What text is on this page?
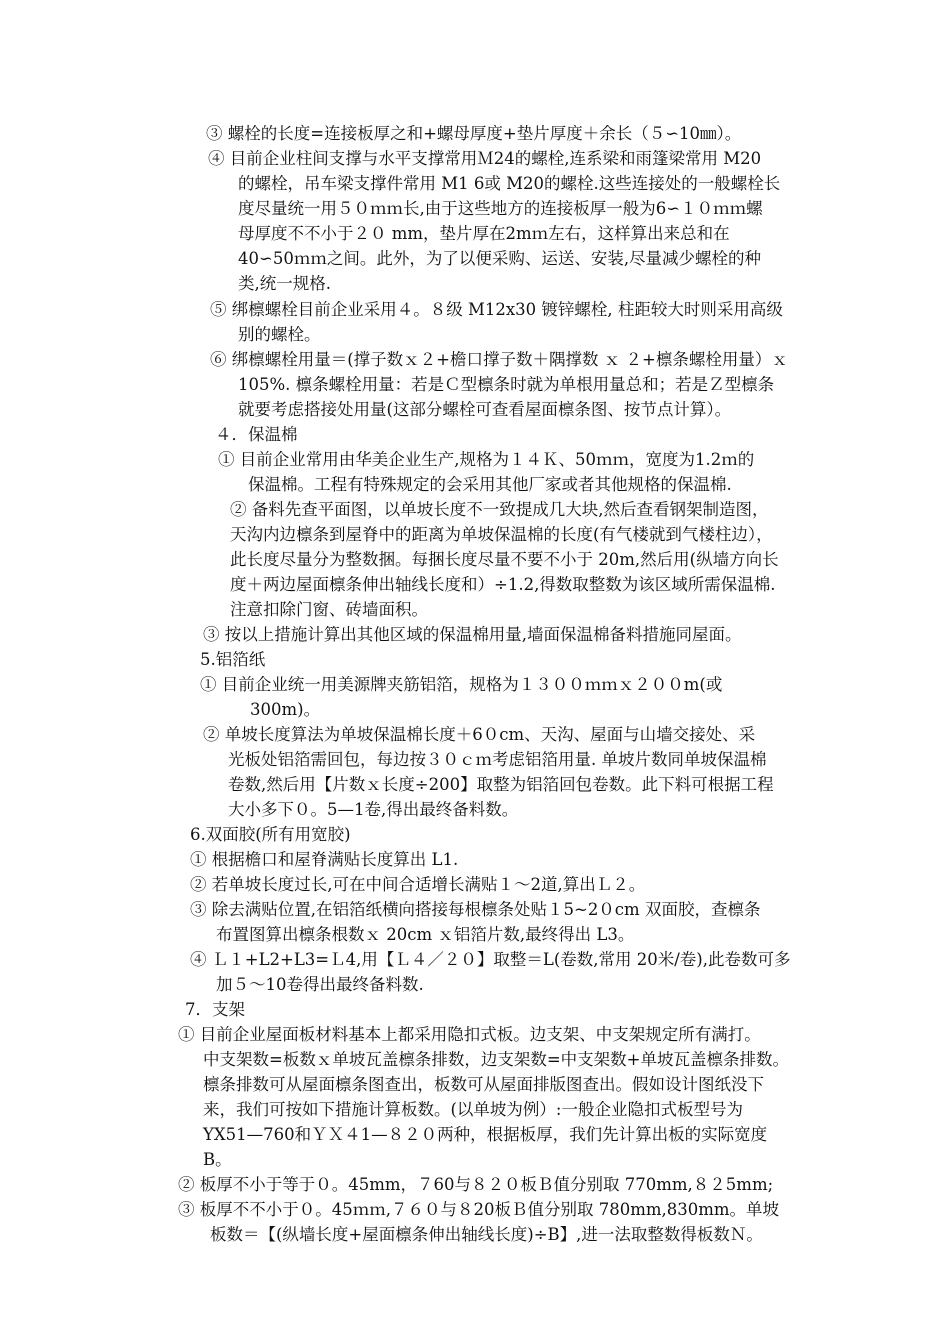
③ 螺栓的长度=连接板厚之和+螺母厚度+垫片厚度＋余长（５∽10㎜）。
④ 目前企业柱间支撑与水平支撑常用Ｍ24的螺栓,连系梁和雨篷梁常用 M20
的螺栓，吊车梁支撑件常用 M1 6或 M20的螺栓.这些连接处的一般螺栓长
度尽量统一用５０ｍｍ长,由于这些地方的连接板厚一般为6∽１０ｍｍ螺
母厚度不不小于２０ mm，垫片厚在2mｍ左右，这样算出来总和在
40∽50ｍｍ之间。此外，为了以便采购、运送、安装,尽量减少螺栓的种
类,统一规格.
⑤ 绑檩螺栓目前企业采用４。８级 M12x30 镀锌螺栓, 柱距较大时则采用高级
别的螺栓。
⑥ 绑檩螺栓用量＝(撑子数ｘ２+檐口撑子数＋隅撑数 ｘ ２+檩条螺栓用量）ｘ
105%. 檩条螺栓用量：若是Ｃ型檩条时就为单根用量总和；若是Ｚ型檩条
就要考虑搭接处用量(这部分螺栓可查看屋面檩条图、按节点计算）。
４．保温棉
① 目前企业常用由华美企业生产,规格为１４Ｋ、50ｍｍ，宽度为1.2ｍ的
保温棉。工程有特殊规定的会采用其他厂家或者其他规格的保温棉.
② 备料先查平面图，以单坡长度不一致提成几大块,然后查看钢架制造图，
天沟内边檩条到屋脊中的距离为单坡保温棉的长度(有气楼就到气楼柱边），
此长度尽量分为整数捆。每捆长度尽量不要不小于 20m,然后用(纵墙方向长
度＋两边屋面檩条伸出轴线长度和）÷1.2,得数取整数为该区域所需保温棉.
注意扣除门窗、砖墙面积。
③ 按以上措施计算出其他区域的保温棉用量,墙面保温棉备料措施同屋面。
5.铝箔纸
① 目前企业统一用美源牌夹筋铝箔，规格为１３００ｍｍｘ２００m(或
300m)。
② 单坡长度算法为单坡保温棉长度＋6０cm、天沟、屋面与山墙交接处、采
光板处铝箔需回包，每边按３０ｃｍ考虑铝箔用量. 单坡片数同单坡保温棉
卷数,然后用【片数ｘ长度÷200】取整为铝箔回包卷数。此下料可根据工程
大小多下０。5—1卷,得出最终备料数。
6.双面胶(所有用宽胶)
① 根据檐口和屋脊满贴长度算出 L1.
② 若单坡长度过长,可在中间合适增长满贴１～2道,算出Ｌ２。
③ 除去满贴位置,在铝箔纸横向搭接每根檩条处贴１5~2０cm 双面胶，查檩条
布置图算出檩条根数ｘ 20cm ｘ铝箔片数,最终得出 L3。
④ Ｌ１+L2+L3=Ｌ4,用【Ｌ４／２０】取整＝L(卷数,常用 20米/卷),此卷数可多
加５～10卷得出最终备料数.
7．支架
① 目前企业屋面板材料基本上都采用隐扣式板。边支架、中支架规定所有满打。
中支架数=板数ｘ单坡瓦盖檩条排数，边支架数=中支架数+单坡瓦盖檩条排数。
檩条排数可从屋面檩条图查出，板数可从屋面排版图查出。假如设计图纸没下
来，我们可按如下措施计算板数。(以单坡为例）:一般企业隐扣式板型号为
YX51—760和ＹＸ４1—８２０两种，根据板厚，我们先计算出板的实际宽度
B。
② 板厚不小于等于０。45mm，７60与８２０板Ｂ值分别取 770mm,８２5mm;
③ 板厚不不小于０。45ｍｍ,７６０与８20板Ｂ值分别取 780mm,830mm。单坡
板数＝【(纵墙长度+屋面檩条伸出轴线长度)÷B】,进一法取整数得板数Ｎ。
